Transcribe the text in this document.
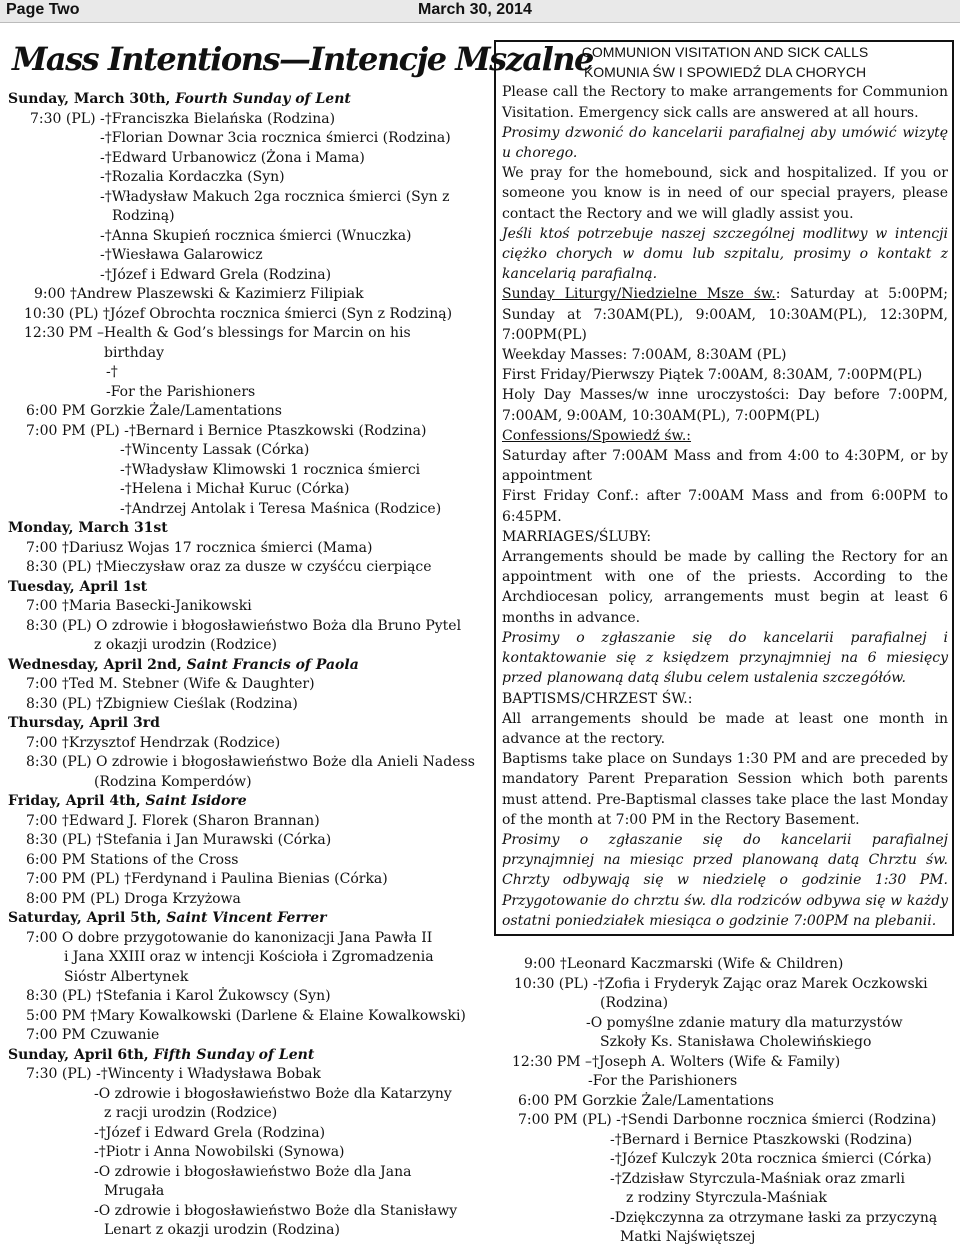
Page Two	March 30, 2014
Mass Intentions—Intencje Mszalne
Sunday, March 30th, Fourth Sunday of Lent
7:30 (PL) -†Franciszka Bielańska (Rodzina)
-†Florian Downar 3cia rocznica śmierci (Rodzina)
-†Edward Urbanowicz (Żona i Mama)
-†Rozalia Kordaczka (Syn)
-†Władysław Makuch 2ga rocznica śmierci (Syn z
Rodziną)
-†Anna Skupień rocznica śmierci (Wnuczka)
-†Wiesława Galarowicz
-†Józef i Edward Grela (Rodzina)
9:00 †Andrew Plaszewski & Kazimierz Filipiak
10:30 (PL) †Józef Obrochta rocznica śmierci (Syn z Rodziną)
12:30 PM –Health & God’s blessings for Marcin on his
birthday
-†
-For the Parishioners
6:00 PM Gorzkie Żale/Lamentations
7:00 PM (PL) -†Bernard i Bernice Ptaszkowski (Rodzina)
-†Wincenty Lassak (Córka)
-†Władysław Klimowski 1 rocznica śmierci
-†Helena i Michał Kuruc (Córka)
-†Andrzej Antolak i Teresa Maśnica (Rodzice)
Monday, March 31st
7:00 †Dariusz Wojas 17 rocznica śmierci (Mama)
8:30 (PL) †Mieczysław oraz za dusze w czyśćcu cierpiące
Tuesday, April 1st
7:00 †Maria Basecki-Janikowski
8:30 (PL) O zdrowie i błogosławieństwo Boża dla Bruno Pytel
z okazji urodzin (Rodzice)
Wednesday, April 2nd, Saint Francis of Paola
7:00 †Ted M. Stebner (Wife & Daughter)
8:30 (PL) †Zbigniew Cieślak (Rodzina)
Thursday, April 3rd
7:00 †Krzysztof Hendrzak (Rodzice)
8:30 (PL) O zdrowie i błogosławieństwo Boże dla Anieli Nadess
(Rodzina Komperdów)
Friday, April 4th, Saint Isidore
7:00 †Edward J. Florek (Sharon Brannan)
8:30 (PL) †Stefania i Jan Murawski (Córka)
6:00 PM Stations of the Cross
7:00 PM (PL) †Ferdynand i Paulina Bienias (Córka)
8:00 PM (PL) Droga Krzyżowa
Saturday, April 5th, Saint Vincent Ferrer
7:00 O dobre przygotowanie do kanonizacji Jana Pawła II
i Jana XXIII oraz w intencji Kościoła i Zgromadzenia
Sióstr Albertynek
8:30 (PL) †Stefania i Karol Żukowscy (Syn)
5:00 PM †Mary Kowalkowski (Darlene & Elaine Kowalkowski)
7:00 PM Czuwanie
Sunday, April 6th, Fifth Sunday of Lent
7:30 (PL) -†Wincenty i Władysława Bobak
-O zdrowie i błogosławieństwo Boże dla Katarzyny
z racji urodzin (Rodzice)
-†Józef i Edward Grela (Rodzina)
-†Piotr i Anna Nowobilski (Synowa)
-O zdrowie i błogosławieństwo Boże dla Jana
Mrugała
-O zdrowie i błogosławieństwo Boże dla Stanisławy
Lenart z okazji urodzin (Rodzina)
COMMUNION VISITATION AND SICK CALLS
KOMUNIA ŚW I SPOWIEDŹ DLA CHORYCH
Please call the Rectory to make arrangements for Communion Visitation. Emergency sick calls are answered at all hours.
Prosimy dzwonić do kancelarii parafialnej aby umówić wizytę u chorego.
We pray for the homebound, sick and hospitalized. If you or someone you know is in need of our special prayers, please contact the Rectory and we will gladly assist you.
Jeśli ktoś potrzebuje naszej szczególnej modlitwy w intencji ciężko chorych w domu lub szpitalu, prosimy o kontakt z kancelarią parafialną.
Sunday Liturgy/Niedzielne Msze św.: Saturday at 5:00PM; Sunday at 7:30AM(PL), 9:00AM, 10:30AM(PL), 12:30PM, 7:00PM(PL)
Weekday Masses: 7:00AM, 8:30AM (PL)
First Friday/Pierwszy Piątek 7:00AM, 8:30AM, 7:00PM(PL)
Holy Day Masses/w inne uroczystości: Day before 7:00PM, 7:00AM, 9:00AM, 10:30AM(PL), 7:00PM(PL)
Confessions/Spowiedź św.:
Saturday after 7:00AM Mass and from 4:00 to 4:30PM, or by appointment
First Friday Conf.: after 7:00AM Mass and from 6:00PM to 6:45PM.
MARRIAGES/ŚLUBY:
Arrangements should be made by calling the Rectory for an appointment with one of the priests. According to the Archdiocesan policy, arrangements must begin at least 6 months in advance.
Prosimy o zgłaszanie się do kancelarii parafialnej i kontaktowanie się z księdzem przynajmniej na 6 miesięcy przed planowaną datą ślubu celem ustalenia szczegółów.
BAPTISMS/CHRZEST ŚW.:
All arrangements should be made at least one month in advance at the rectory.
Baptisms take place on Sundays 1:30 PM and are preceded by mandatory Parent Preparation Session which both parents must attend. Pre-Baptismal classes take place the last Monday of the month at 7:00 PM in the Rectory Basement.
Prosimy o zgłaszanie się do kancelarii parafialnej przynajmniej na miesiąc przed planowaną datą Chrztu św. Chrzty odbywają się w niedzielę o godzinie 1:30 PM. Przygotowanie do chrztu św. dla rodziców odbywa się w każdy ostatni poniedziałek miesiąca o godzinie 7:00PM na plebanii.
9:00 †Leonard Kaczmarski (Wife & Children)
10:30 (PL) -†Zofia i Fryderyk Zając oraz Marek Oczkowski
(Rodzina)
-O pomyślne zdanie matury dla maturzystów
Szkoły Ks. Stanisława Cholewińskiego
12:30 PM –†Joseph A. Wolters (Wife & Family)
-For the Parishioners
6:00 PM Gorzkie Żale/Lamentations
7:00 PM (PL) -†Sendi Darbonne rocznica śmierci (Rodzina)
-†Bernard i Bernice Ptaszkowski (Rodzina)
-†Józef Kulczyk 20ta rocznica śmierci (Córka)
-†Zdzisław Styrczula-Maśniak oraz zmarli
z rodziny Styrczula-Maśniak
-Dziękczynna za otrzymane łaski za przyczyną
Matki Najświętszej
